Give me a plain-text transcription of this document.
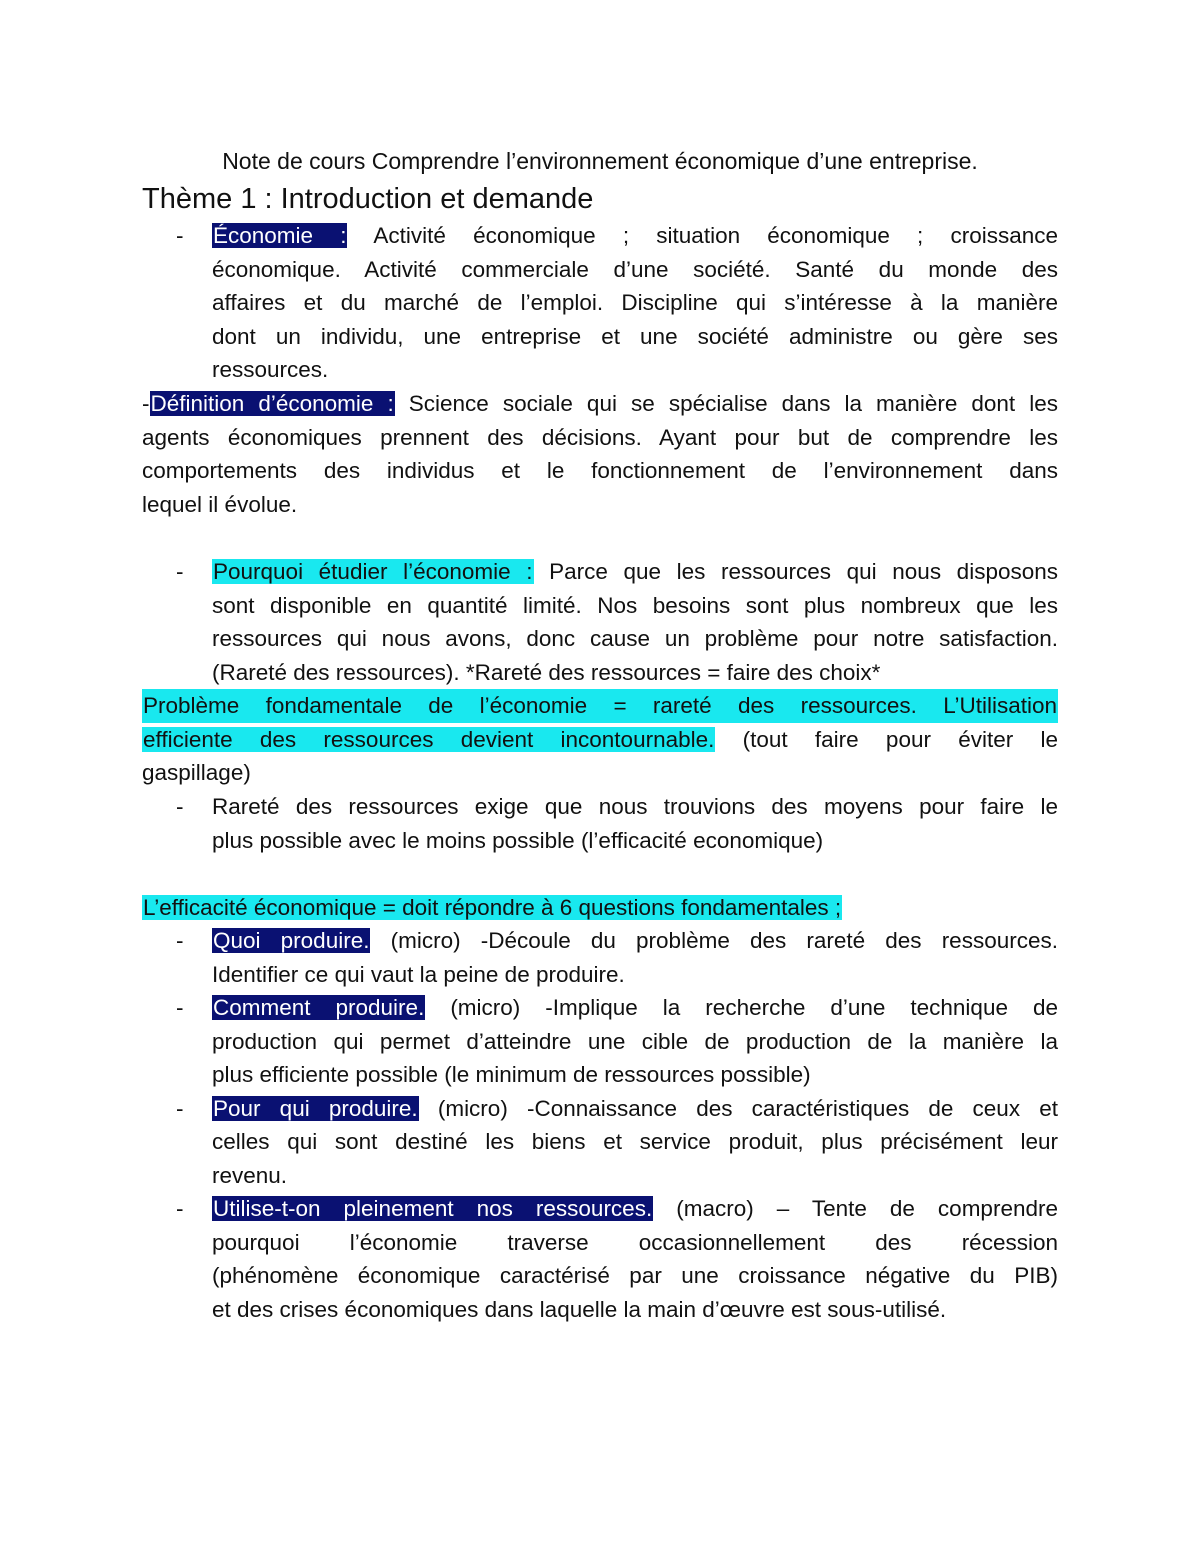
Note de cours Comprendre l’environnement économique d’une entreprise.
Thème 1 : Introduction et demande
-	Économie : Activité économique ; situation économique ; croissance
économique. Activité commerciale d’une société. Santé du monde des
affaires et du marché de l’emploi. Discipline qui s’intéresse à la manière
dont un individu, une entreprise et une société administre ou gère ses
ressources.
-Définition d’économie : Science sociale qui se spécialise dans la manière dont les
agents économiques prennent des décisions. Ayant pour but de comprendre les
comportements des individus et le fonctionnement de l’environnement dans
lequel il évolue.
-	Pourquoi étudier l’économie : Parce que les ressources qui nous disposons
sont disponible en quantité limité. Nos besoins sont plus nombreux que les
ressources qui nous avons, donc cause un problème pour notre satisfaction.
(Rareté des ressources). *Rareté des ressources = faire des choix*
Problème fondamentale de l’économie = rareté des ressources. L’Utilisation
efficiente des ressources devient incontournable. (tout faire pour éviter le
gaspillage)
-	Rareté des ressources exige que nous trouvions des moyens pour faire le
plus possible avec le moins possible (l’efficacité economique)
L’efficacité économique = doit répondre à 6 questions fondamentales ;
-	Quoi produire. (micro) -Découle du problème des rareté des ressources.
Identifier ce qui vaut la peine de produire.
-	Comment produire. (micro) -Implique la recherche d’une technique de
production qui permet d’atteindre une cible de production de la manière la
plus efficiente possible (le minimum de ressources possible)
-	Pour qui produire. (micro) -Connaissance des caractéristiques de ceux et
celles qui sont destiné les biens et service produit, plus précisément leur
revenu.
-	Utilise-t-on pleinement nos ressources. (macro) – Tente de comprendre
pourquoi l’économie traverse occasionnellement des récession
(phénomène économique caractérisé par une croissance négative du PIB)
et des crises économiques dans laquelle la main d’œuvre est sous-utilisé.
